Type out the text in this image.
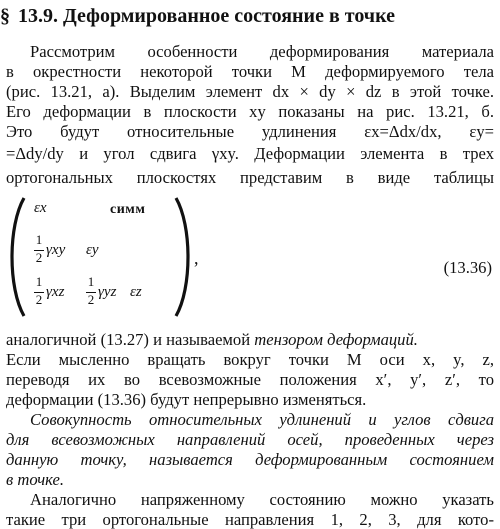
§ 13.9. Деформированное состояние в точке
Рассмотрим особенности деформирования материала
в окрестности некоторой точки M деформируемого тела
(рис. 13.21, a). Выделим элемент dx × dy × dz в этой точке.
Его деформации в плоскости xy показаны на рис. 13.21, б.
Это будут относительные удлинения εx=Δdx/dx, εy=
=Δdy/dy и угол сдвига γxy. Деформации элемента в трех
ортогональных плоскостях представим в виде таблицы
εx	симм
1
2 γxy εy
1
2 γxz
1
2 γyz εz
,	(13.36)
аналогичной (13.27) и называемой тензором деформаций.
Если мысленно вращать вокруг точки M оси x, y, z,
переводя их во всевозможные положения x′, y′, z′, то
деформации (13.36) будут непрерывно изменяться.
Совокупность относительных удлинений и углов сдвига
для всевозможных направлений осей, проведенных через
данную точку, называется деформированным состоянием
в точке.
Аналогично напряженному состоянию можно указать
такие три ортогональные направления 1, 2, 3, для кото-
